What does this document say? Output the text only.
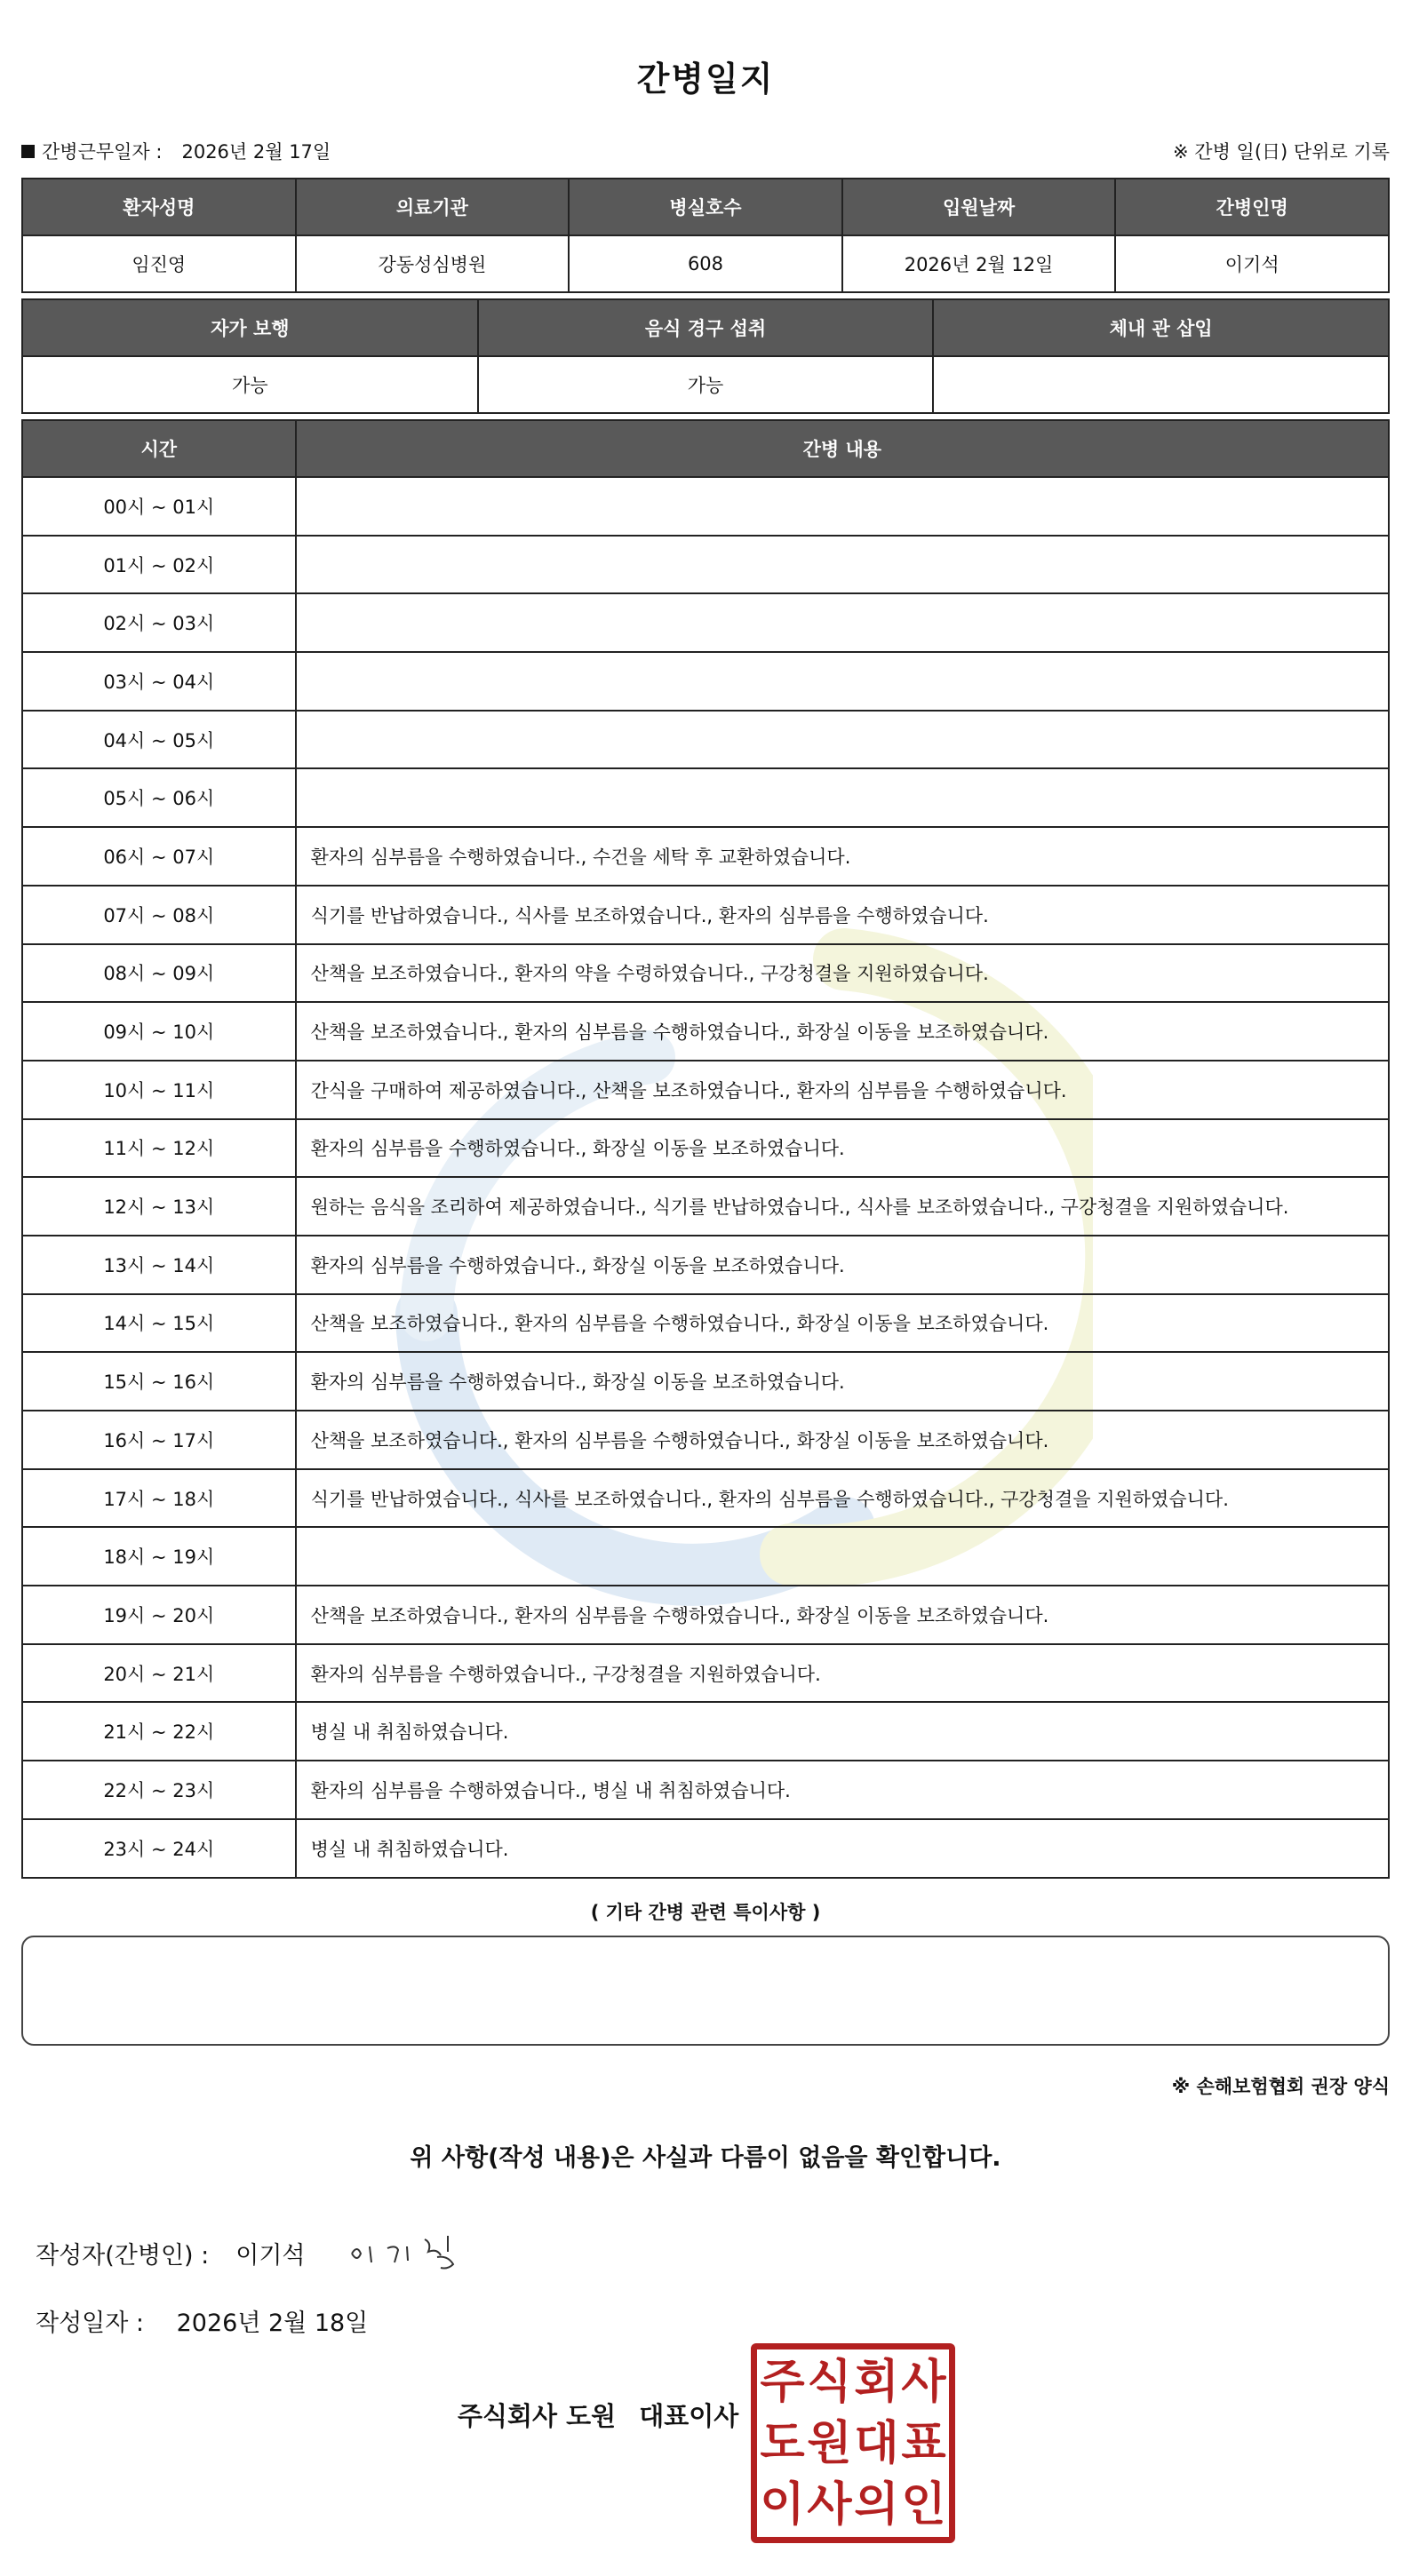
간병일지
간병근무일자 : 2026년 2월 17일	※ 간병 일(日) 단위로 기록
환자성명	의료기관	병실호수	입원날짜	간병인명
임진영	강동성심병원	608	2026년 2월 12일	이기석
자가 보행	음식 경구 섭취	체내 관 삽입
가능	가능	
시간	간병 내용
00시 ~ 01시	
01시 ~ 02시	
02시 ~ 03시	
03시 ~ 04시	
04시 ~ 05시	
05시 ~ 06시	
06시 ~ 07시	환자의 심부름을 수행하였습니다., 수건을 세탁 후 교환하였습니다.
07시 ~ 08시	식기를 반납하였습니다., 식사를 보조하였습니다., 환자의 심부름을 수행하였습니다.
08시 ~ 09시	산책을 보조하였습니다., 환자의 약을 수령하였습니다., 구강청결을 지원하였습니다.
09시 ~ 10시	산책을 보조하였습니다., 환자의 심부름을 수행하였습니다., 화장실 이동을 보조하였습니다.
10시 ~ 11시	간식을 구매하여 제공하였습니다., 산책을 보조하였습니다., 환자의 심부름을 수행하였습니다.
11시 ~ 12시	환자의 심부름을 수행하였습니다., 화장실 이동을 보조하였습니다.
12시 ~ 13시	원하는 음식을 조리하여 제공하였습니다., 식기를 반납하였습니다., 식사를 보조하였습니다., 구강청결을 지원하였습니다.
13시 ~ 14시	환자의 심부름을 수행하였습니다., 화장실 이동을 보조하였습니다.
14시 ~ 15시	산책을 보조하였습니다., 환자의 심부름을 수행하였습니다., 화장실 이동을 보조하였습니다.
15시 ~ 16시	환자의 심부름을 수행하였습니다., 화장실 이동을 보조하였습니다.
16시 ~ 17시	산책을 보조하였습니다., 환자의 심부름을 수행하였습니다., 화장실 이동을 보조하였습니다.
17시 ~ 18시	식기를 반납하였습니다., 식사를 보조하였습니다., 환자의 심부름을 수행하였습니다., 구강청결을 지원하였습니다.
18시 ~ 19시	
19시 ~ 20시	산책을 보조하였습니다., 환자의 심부름을 수행하였습니다., 화장실 이동을 보조하였습니다.
20시 ~ 21시	환자의 심부름을 수행하였습니다., 구강청결을 지원하였습니다.
21시 ~ 22시	병실 내 취침하였습니다.
22시 ~ 23시	환자의 심부름을 수행하였습니다., 병실 내 취침하였습니다.
23시 ~ 24시	병실 내 취침하였습니다.
( 기타 간병 관련 특이사항 )
※ 손해보험협회 권장 양식
위 사항(작성 내용)은 사실과 다름이 없음을 확인합니다.
작성자(간병인) : 이기석
작성일자 : 2026년 2월 18일
주식회사 도원 대표이사
주 식 회 사
도 원 대 표
이 사 의 인
